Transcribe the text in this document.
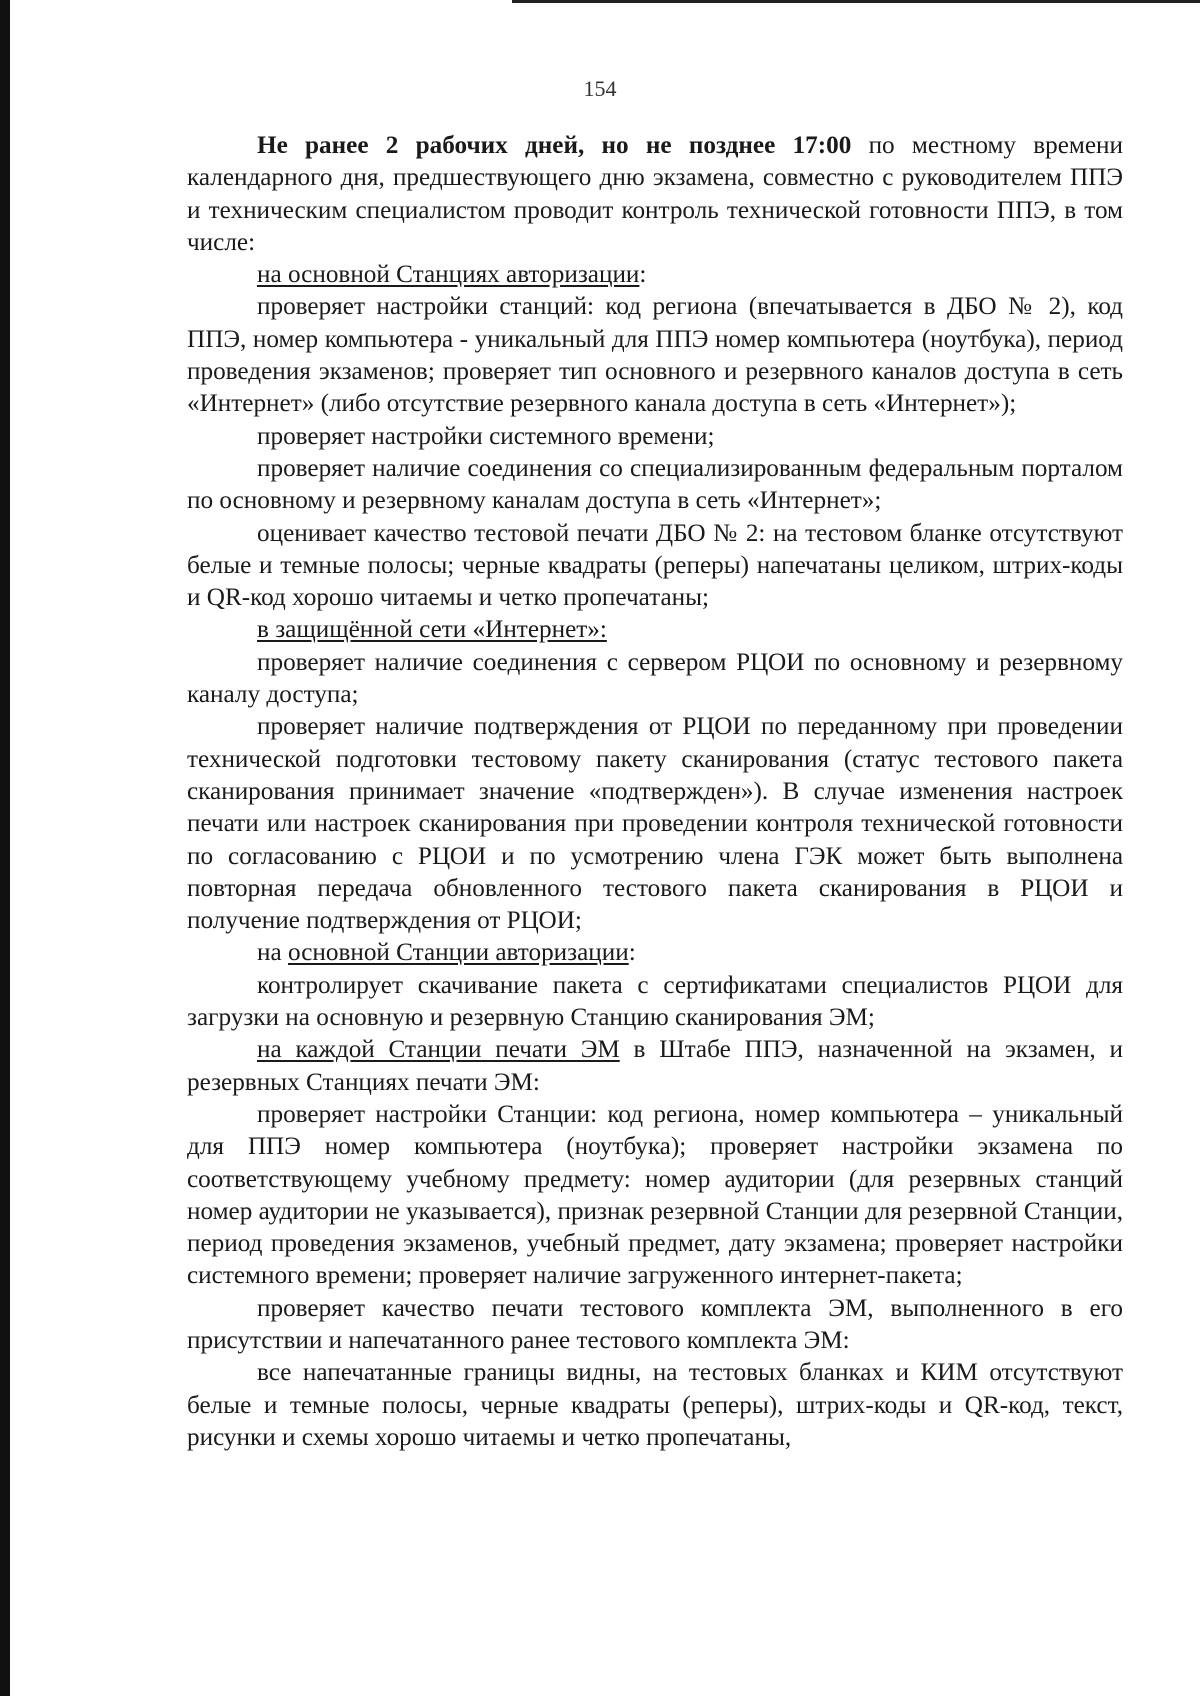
154

Не ранее 2 рабочих дней, но не позднее 17:00 по местному времени календарного дня, предшествующего дню экзамена, совместно с руководителем ППЭ и техническим специалистом проводит контроль технической готовности ППЭ, в том числе:

на основной Станциях авторизации:

проверяет настройки станций: код региона (впечатывается в ДБО № 2), код ППЭ, номер компьютера - уникальный для ППЭ номер компьютера (ноутбука), период проведения экзаменов; проверяет тип основного и резервного каналов доступа в сеть «Интернет» (либо отсутствие резервного канала доступа в сеть «Интернет»);

проверяет настройки системного времени;

проверяет наличие соединения со специализированным федеральным порталом по основному и резервному каналам доступа в сеть «Интернет»;

оценивает качество тестовой печати ДБО № 2: на тестовом бланке отсутствуют белые и темные полосы; черные квадраты (реперы) напечатаны целиком, штрих-коды и QR-код хорошо читаемы и четко пропечатаны;

в защищённой сети «Интернет»:

проверяет наличие соединения с сервером РЦОИ по основному и резервному каналу доступа;

проверяет наличие подтверждения от РЦОИ по переданному при проведении технической подготовки тестовому пакету сканирования (статус тестового пакета сканирования принимает значение «подтвержден»). В случае изменения настроек печати или настроек сканирования при проведении контроля технической готовности по согласованию с РЦОИ и по усмотрению члена ГЭК может быть выполнена повторная передача обновленного тестового пакета сканирования в РЦОИ и получение подтверждения от РЦОИ;

на основной Станции авторизации:

контролирует скачивание пакета с сертификатами специалистов РЦОИ для загрузки на основную и резервную Станцию сканирования ЭМ;

на каждой Станции печати ЭМ в Штабе ППЭ, назначенной на экзамен, и резервных Станциях печати ЭМ:

проверяет настройки Станции: код региона, номер компьютера – уникальный для ППЭ номер компьютера (ноутбука); проверяет настройки экзамена по соответствующему учебному предмету: номер аудитории (для резервных станций номер аудитории не указывается), признак резервной Станции для резервной Станции, период проведения экзаменов, учебный предмет, дату экзамена; проверяет настройки системного времени; проверяет наличие загруженного интернет-пакета;

проверяет качество печати тестового комплекта ЭМ, выполненного в его присутствии и напечатанного ранее тестового комплекта ЭМ:

все напечатанные границы видны, на тестовых бланках и КИМ отсутствуют белые и темные полосы, черные квадраты (реперы), штрих-коды и QR-код, текст, рисунки и схемы хорошо читаемы и четко пропечатаны,
